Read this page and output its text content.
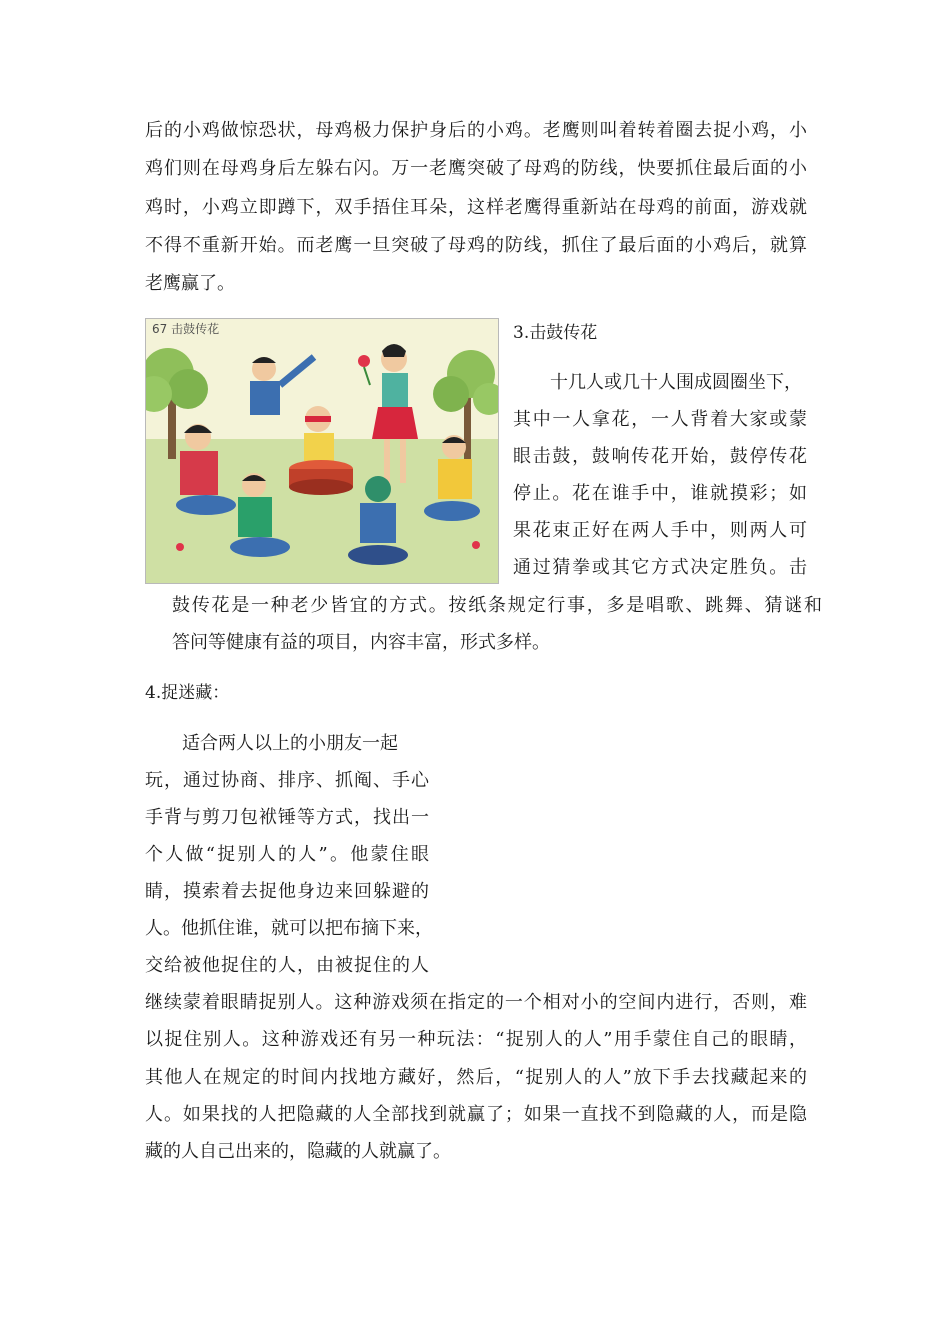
后的小鸡做惊恐状，母鸡极力保护身后的小鸡。老鹰则叫着转着圈去捉小鸡，小
鸡们则在母鸡身后左躲右闪。万一老鹰突破了母鸡的防线，快要抓住最后面的小
鸡时，小鸡立即蹲下，双手捂住耳朵，这样老鹰得重新站在母鸡的前面，游戏就
不得不重新开始。而老鹰一旦突破了母鸡的防线，抓住了最后面的小鸡后，就算
老鹰赢了。
67 击鼓传花	3.击鼓传花
十几人或几十人围成圆圈坐下，
其中一人拿花，一人背着大家或蒙
眼击鼓，鼓响传花开始，鼓停传花
停止。花在谁手中，谁就摸彩；如
果花束正好在两人手中，则两人可
通过猜拳或其它方式决定胜负。击
鼓传花是一种老少皆宜的方式。按纸条规定行事，多是唱歌、跳舞、猜谜和
答问等健康有益的项目，内容丰富，形式多样。
4.捉迷藏：
适合两人以上的小朋友一起
玩，通过协商、排序、抓阄、手心
手背与剪刀包袱锤等方式，找出一
个人做“捉别人的人”。他蒙住眼
睛，摸索着去捉他身边来回躲避的
人。他抓住谁，就可以把布摘下来，
交给被他捉住的人，由被捉住的人
继续蒙着眼睛捉别人。这种游戏须在指定的一个相对小的空间内进行，否则，难
以捉住别人。这种游戏还有另一种玩法：“捉别人的人”用手蒙住自己的眼睛，
其他人在规定的时间内找地方藏好，然后，“捉别人的人”放下手去找藏起来的
人。如果找的人把隐藏的人全部找到就赢了；如果一直找不到隐藏的人，而是隐
藏的人自己出来的，隐藏的人就赢了。
